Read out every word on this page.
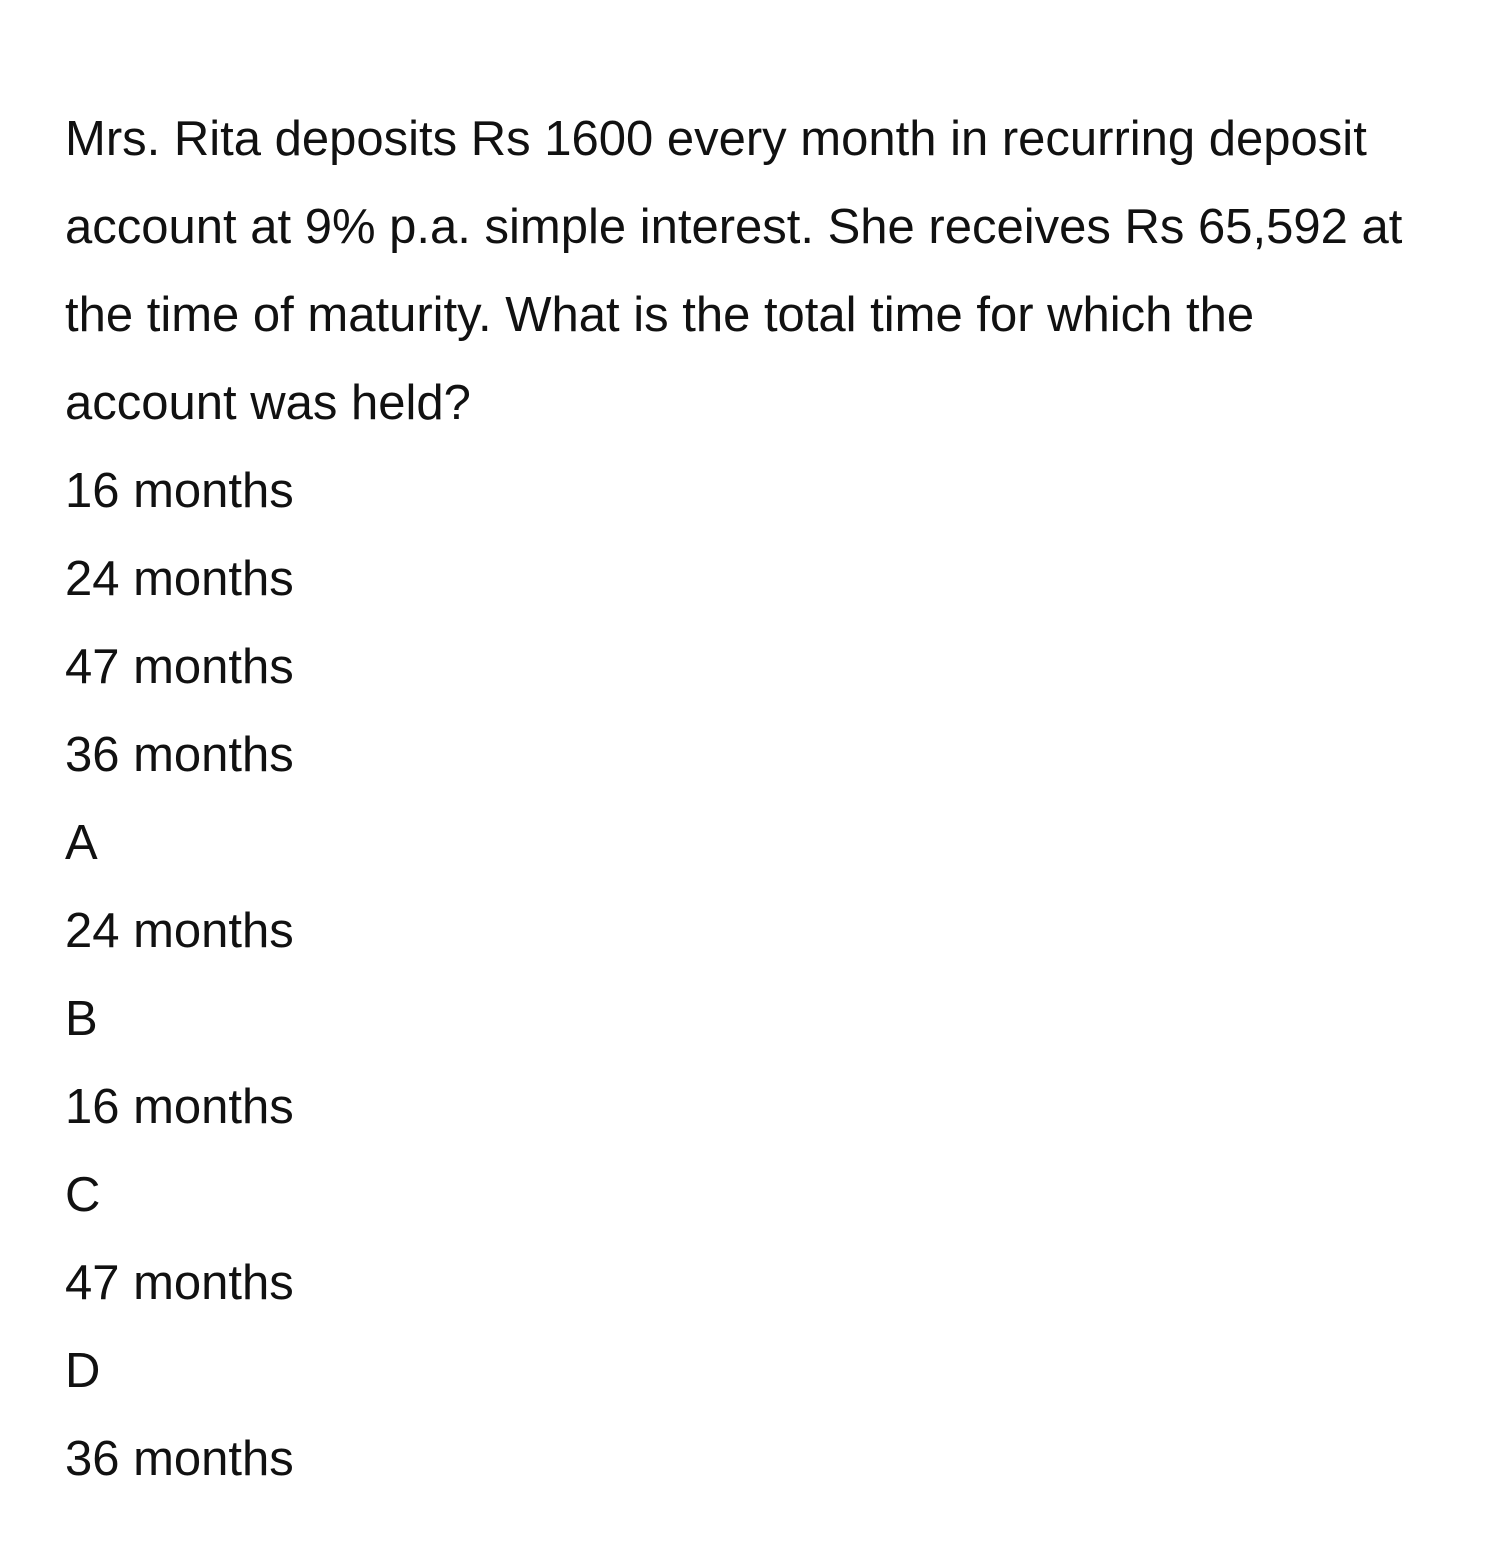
Mrs. Rita deposits Rs 1600 every month in recurring deposit account at 9% p.a. simple interest. She receives Rs 65,592 at the time of maturity. What is the total time for which the account was held?

16 months
24 months
47 months
36 months
A
24 months
B
16 months
C
47 months
D
36 months
